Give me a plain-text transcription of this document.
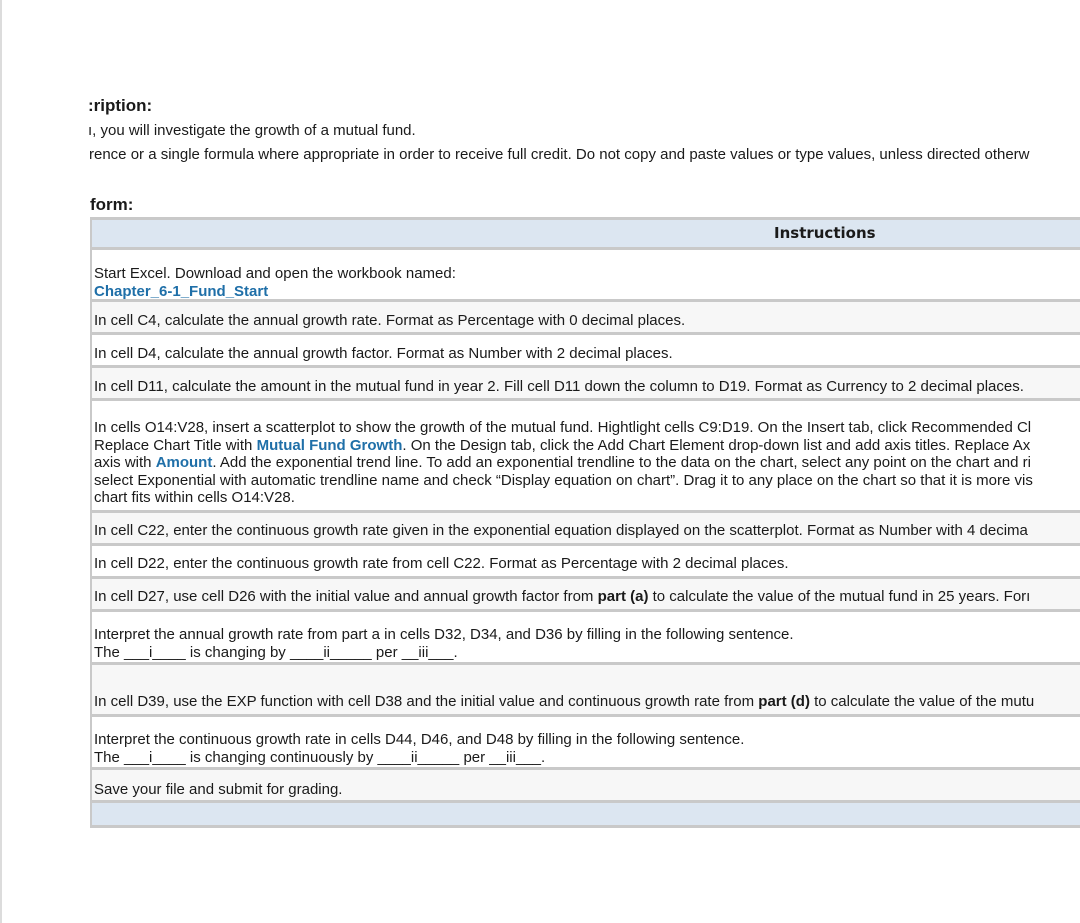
:ription:
ı, you will investigate the growth of a mutual fund.
rence or a single formula where appropriate in order to receive full credit. Do not copy and paste values or type values, unless directed otherw
form:
Instructions
Start Excel. Download and open the workbook named:
Chapter_6-1_Fund_Start
In cell C4, calculate the annual growth rate. Format as Percentage with 0 decimal places.
In cell D4, calculate the annual growth factor. Format as Number with 2 decimal places.
In cell D11, calculate the amount in the mutual fund in year 2. Fill cell D11 down the column to D19. Format as Currency to 2 decimal places.
In cells O14:V28, insert a scatterplot to show the growth of the mutual fund. Hightlight cells C9:D19. On the Insert tab, click Recommended Cl
Replace Chart Title with Mutual Fund Growth. On the Design tab, click the Add Chart Element drop-down list and add axis titles. Replace Ax
axis with Amount. Add the exponential trend line. To add an exponential trendline to the data on the chart, select any point on the chart and ri
select Exponential with automatic trendline name and check “Display equation on chart”. Drag it to any place on the chart so that it is more vis
chart fits within cells O14:V28.
In cell C22, enter the continuous growth rate given in the exponential equation displayed on the scatterplot. Format as Number with 4 decima
In cell D22, enter the continuous growth rate from cell C22. Format as Percentage with 2 decimal places.
In cell D27, use cell D26 with the initial value and annual growth factor from part (a) to calculate the value of the mutual fund in 25 years. Forı
Interpret the annual growth rate from part a in cells D32, D34, and D36 by filling in the following sentence.
The ___i____ is changing by ____ii_____ per __iii___.
In cell D39, use the EXP function with cell D38 and the initial value and continuous growth rate from part (d) to calculate the value of the mutu
Interpret the continuous growth rate in cells D44, D46, and D48 by filling in the following sentence.
The ___i____ is changing continuously by ____ii_____ per __iii___.
Save your file and submit for grading.
